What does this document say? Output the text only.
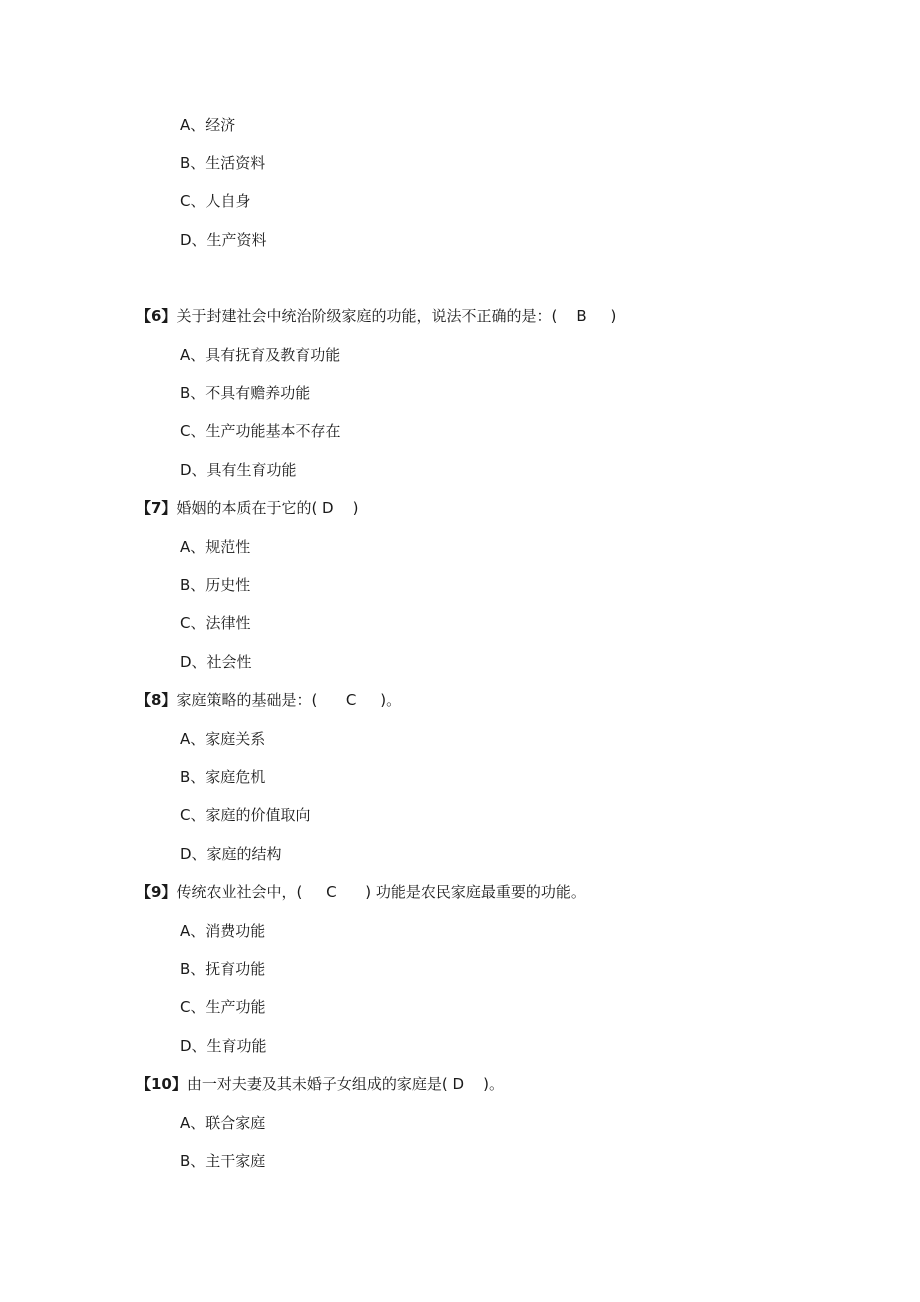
A、经济
B、生活资料
C、人自身
D、生产资料
【6】关于封建社会中统治阶级家庭的功能，说法不正确的是：(    B     )
A、具有抚育及教育功能
B、不具有赡养功能
C、生产功能基本不存在
D、具有生育功能
【7】婚姻的本质在于它的( D    )
A、规范性
B、历史性
C、法律性
D、社会性
【8】家庭策略的基础是：(      C     )。
A、家庭关系
B、家庭危机
C、家庭的价值取向
D、家庭的结构
【9】传统农业社会中，(     C      ) 功能是农民家庭最重要的功能。
A、消费功能
B、抚育功能
C、生产功能
D、生育功能
【10】由一对夫妻及其未婚子女组成的家庭是( D    )。
A、联合家庭
B、主干家庭
